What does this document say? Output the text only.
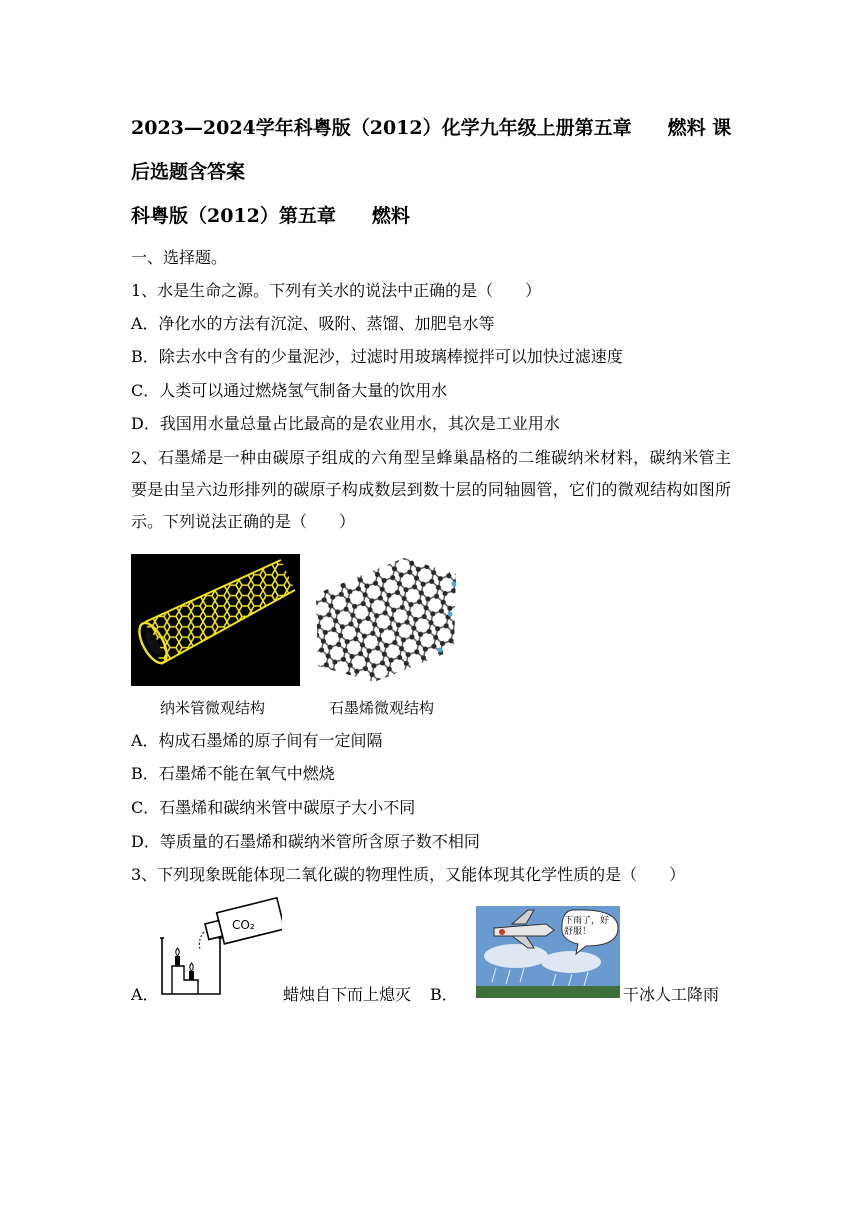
2023—2024学年科粤版（2012）化学九年级上册第五章 燃料 课
后选题含答案
科粤版（2012）第五章 燃料
一、选择题。
1、水是生命之源。下列有关水的说法中正确的是（　　）
A．净化水的方法有沉淀、吸附、蒸馏、加肥皂水等
B．除去水中含有的少量泥沙，过滤时用玻璃棒搅拌可以加快过滤速度
C．人类可以通过燃烧氢气制备大量的饮用水
D．我国用水量总量占比最高的是农业用水，其次是工业用水
2、石墨烯是一种由碳原子组成的六角型呈蜂巢晶格的二维碳纳米材料，碳纳米管主要是由呈六边形排列的碳原子构成数层到数十层的同轴圆管，它们的微观结构如图所示。下列说法正确的是（　　）
纳米管微观结构	石墨烯微观结构
A．构成石墨烯的原子间有一定间隔
B．石墨烯不能在氧气中燃烧
C．石墨烯和碳纳米管中碳原子大小不同
D．等质量的石墨烯和碳纳米管所含原子数不相同
3、下列现象既能体现二氧化碳的物理性质，又能体现其化学性质的是（　　）
A．
CO₂
蜡烛自下而上熄灭 B．
下雨了，好舒服！
干冰人工降雨
